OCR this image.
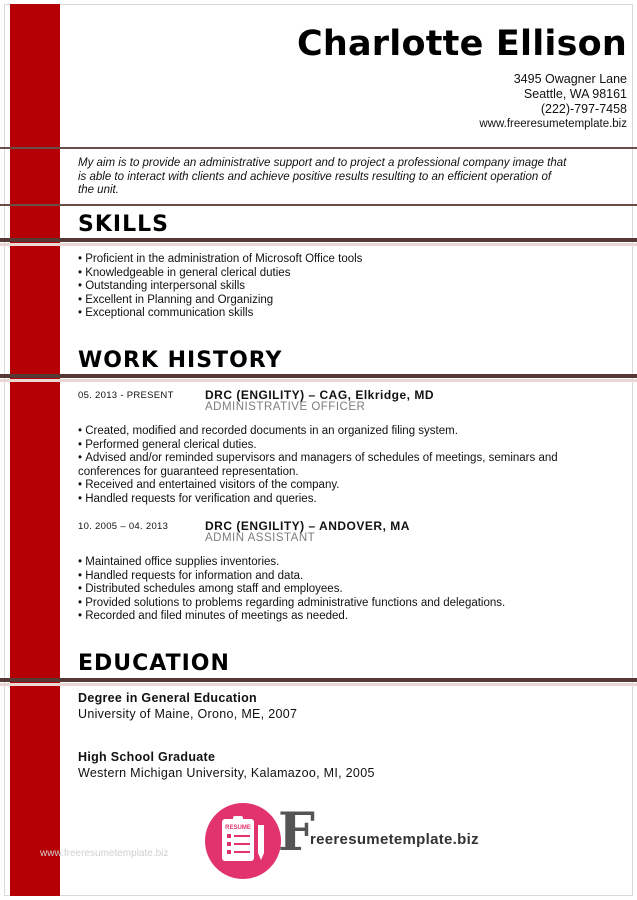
Charlotte Ellison
3495 Owagner Lane
Seattle, WA 98161
(222)-797-7458
www.freeresumetemplate.biz

My aim is to provide an administrative support and to project a professional company image that is able to interact with clients and achieve positive results resulting to an efficient operation of the unit.

SKILLS
• Proficient in the administration of Microsoft Office tools
• Knowledgeable in general clerical duties
• Outstanding interpersonal skills
• Excellent in Planning and Organizing
• Exceptional communication skills
WORK HISTORY
05. 2013 - PRESENT	DRC (ENGILITY) – CAG, Elkridge, MD
ADMINISTRATIVE OFFICER
• Created, modified and recorded documents in an organized filing system.
• Performed general clerical duties.
• Advised and/or reminded supervisors and managers of schedules of meetings, seminars and conferences for guaranteed representation.
• Received and entertained visitors of the company.
• Handled requests for verification and queries.
10. 2005 – 04. 2013	DRC (ENGILITY) – ANDOVER, MA
ADMIN ASSISTANT
• Maintained office supplies inventories.
• Handled requests for information and data.
• Distributed schedules among staff and employees.
• Provided solutions to problems regarding administrative functions and delegations.
• Recorded and filed minutes of meetings as needed.
EDUCATION
Degree in General Education
University of Maine, Orono, ME, 2007
High School Graduate
Western Michigan University, Kalamazoo, MI, 2005
www.freeresumetemplate.biz
RESUME F
reeresumetemplate.biz
